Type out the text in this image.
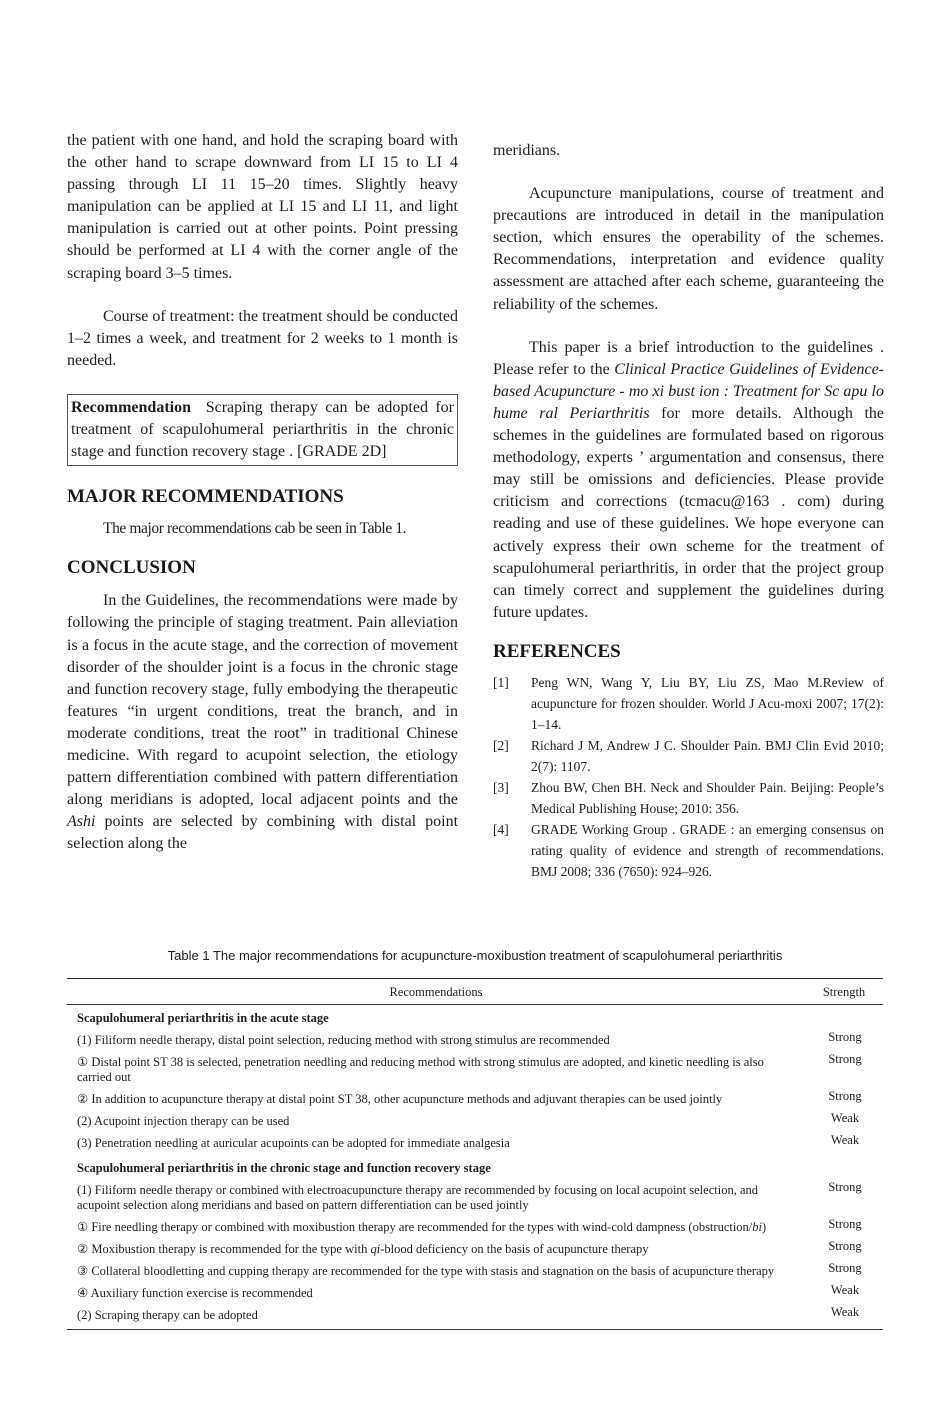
the patient with one hand, and hold the scraping board with the other hand to scrape downward from LI 15 to LI 4 passing through LI 11 15–20 times. Slightly heavy manipulation can be applied at LI 15 and LI 11, and light manipulation is carried out at other points. Point pressing should be performed at LI 4 with the corner angle of the scraping board 3–5 times.

Course of treatment: the treatment should be conducted 1–2 times a week, and treatment for 2 weeks to 1 month is needed.

Recommendation Scraping therapy can be adopted for treatment of scapulohumeral periarthritis in the chronic stage and function recovery stage . [GRADE 2D]
MAJOR RECOMMENDATIONS

The major recommendations cab be seen in Table 1.

CONCLUSION

In the Guidelines, the recommendations were made by following the principle of staging treatment. Pain alleviation is a focus in the acute stage, and the correction of movement disorder of the shoulder joint is a focus in the chronic stage and function recovery stage, fully embodying the therapeutic features “in urgent conditions, treat the branch, and in moderate conditions, treat the root” in traditional Chinese medicine. With regard to acupoint selection, the etiology pattern differentiation combined with pattern differentiation along meridians is adopted, local adjacent points and the Ashi points are selected by combining with distal point selection along the

meridians.

Acupuncture manipulations, course of treatment and precautions are introduced in detail in the manipulation section, which ensures the operability of the schemes. Recommendations, interpretation and evidence quality assessment are attached after each scheme, guaranteeing the reliability of the schemes.

This paper is a brief introduction to the guidelines . Please refer to the Clinical Practice Guidelines of Evidence-based Acupuncture - mo xi bust ion : Treatment for Sc apu lo hume ral Periarthritis for more details. Although the schemes in the guidelines are formulated based on rigorous methodology, experts ’ argumentation and consensus, there may still be omissions and deficiencies. Please provide criticism and corrections (tcmacu@163 . com) during reading and use of these guidelines. We hope everyone can actively express their own scheme for the treatment of scapulohumeral periarthritis, in order that the project group can timely correct and supplement the guidelines during future updates.

REFERENCES
[1]	Peng WN, Wang Y, Liu BY, Liu ZS, Mao M.Review of acupuncture for frozen shoulder. World J Acu-moxi 2007; 17(2): 1–14.
[2]	Richard J M, Andrew J C. Shoulder Pain. BMJ Clin Evid 2010; 2(7): 1107.
[3]	Zhou BW, Chen BH. Neck and Shoulder Pain. Beijing: People’s Medical Publishing House; 2010: 356.
[4]	GRADE Working Group . GRADE : an emerging consensus on rating quality of evidence and strength of recommendations. BMJ 2008; 336 (7650): 924–926.
Table 1 The major recommendations for acupuncture-moxibustion treatment of scapulohumeral periarthritis
Recommendations	Strength
Scapulohumeral periarthritis in the acute stage	
(1) Filiform needle therapy, distal point selection, reducing method with strong stimulus are recommended	Strong
① Distal point ST 38 is selected, penetration needling and reducing method with strong stimulus are adopted, and kinetic needling is also carried out	Strong
② In addition to acupuncture therapy at distal point ST 38, other acupuncture methods and adjuvant therapies can be used jointly	Strong
(2) Acupoint injection therapy can be used	Weak
(3) Penetration needling at auricular acupoints can be adopted for immediate analgesia	Weak
Scapulohumeral periarthritis in the chronic stage and function recovery stage	
(1) Filiform needle therapy or combined with electroacupuncture therapy are recommended by focusing on local acupoint selection, and acupoint selection along meridians and based on pattern differentiation can be used jointly	Strong
① Fire needling therapy or combined with moxibustion therapy are recommended for the types with wind-cold dampness (obstruction/bi)	Strong
② Moxibustion therapy is recommended for the type with qi-blood deficiency on the basis of acupuncture therapy	Strong
③ Collateral bloodletting and cupping therapy are recommended for the type with stasis and stagnation on the basis of acupuncture therapy	Strong
④ Auxiliary function exercise is recommended	Weak
(2) Scraping therapy can be adopted	Weak
